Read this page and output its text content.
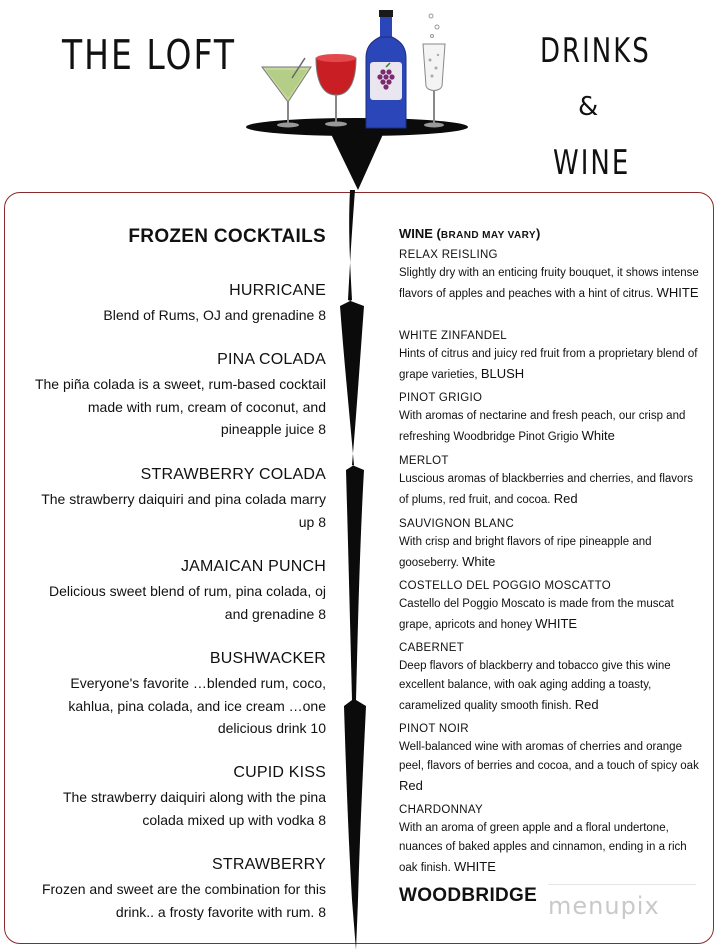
THE LOFT	DRINKS
&
WINE
FROZEN COCKTAILS
HURRICANE
Blend of Rums, OJ and grenadine 8
PINA COLADA
The piña colada is a sweet, rum-based cocktail made with rum, cream of coconut, and pineapple juice 8
STRAWBERRY COLADA
The strawberry daiquiri and pina colada marry up 8
JAMAICAN PUNCH
Delicious sweet blend of rum, pina colada, oj and grenadine 8
BUSHWACKER
Everyone's favorite …blended rum, coco, kahlua, pina colada, and ice cream …one delicious drink 10
CUPID KISS
The strawberry daiquiri along with the pina colada mixed up with vodka 8
STRAWBERRY
Frozen and sweet are the combination for this drink.. a frosty favorite with rum. 8
WINE (BRAND MAY VARY)
RELAX REISLING
Slightly dry with an enticing fruity bouquet, it shows intense flavors of apples and peaches with a hint of citrus. WHITE
WHITE ZINFANDEL
Hints of citrus and juicy red fruit from a proprietary blend of grape varieties, BLUSH
PINOT GRIGIO
With aromas of nectarine and fresh peach, our crisp and refreshing Woodbridge Pinot Grigio White
MERLOT
Luscious aromas of blackberries and cherries, and flavors of plums, red fruit, and cocoa. Red
SAUVIGNON BLANC
With crisp and bright flavors of ripe pineapple and gooseberry. White
COSTELLO DEL POGGIO MOSCATTO
Castello del Poggio Moscato is made from the muscat grape, apricots and honey WHITE
CABERNET
Deep flavors of blackberry and tobacco give this wine excellent balance, with oak aging adding a toasty, caramelized quality smooth finish. Red
PINOT NOIR
Well-balanced wine with aromas of cherries and orange peel, flavors of berries and cocoa, and a touch of spicy oak Red
CHARDONNAY
With an aroma of green apple and a floral undertone, nuances of baked apples and cinnamon, ending in a rich oak finish. WHITE
WOODBRIDGE menupix
